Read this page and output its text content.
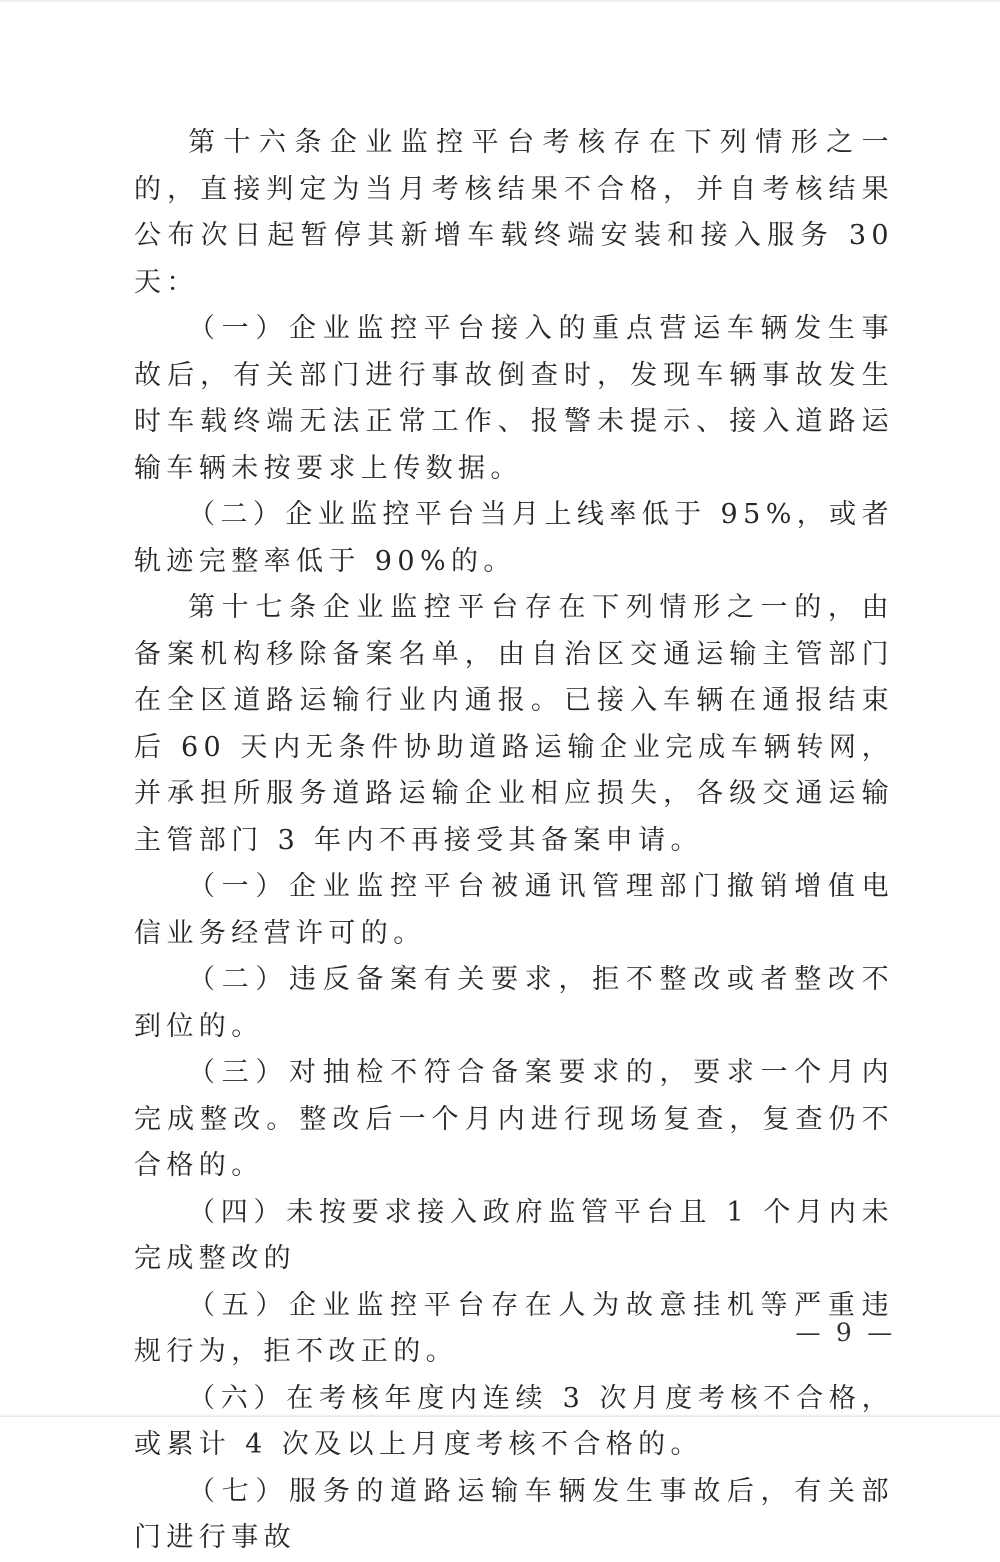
第十六条企业监控平台考核存在下列情形之一的，直接判定为当月考核结果不合格，并自考核结果公布次日起暂停其新增车载终端安装和接入服务 30 天：

（一）企业监控平台接入的重点营运车辆发生事故后，有关部门进行事故倒查时，发现车辆事故发生时车载终端无法正常工作、报警未提示、接入道路运输车辆未按要求上传数据。

（二）企业监控平台当月上线率低于 95%，或者轨迹完整率低于 90%的。

第十七条企业监控平台存在下列情形之一的，由备案机构移除备案名单，由自治区交通运输主管部门在全区道路运输行业内通报。已接入车辆在通报结束后 60 天内无条件协助道路运输企业完成车辆转网，并承担所服务道路运输企业相应损失，各级交通运输主管部门 3 年内不再接受其备案申请。

（一）企业监控平台被通讯管理部门撤销增值电信业务经营许可的。

（二）违反备案有关要求，拒不整改或者整改不到位的。

（三）对抽检不符合备案要求的，要求一个月内完成整改。整改后一个月内进行现场复查，复查仍不合格的。

（四）未按要求接入政府监管平台且 1 个月内未完成整改的

（五）企业监控平台存在人为故意挂机等严重违规行为，拒不改正的。

（六）在考核年度内连续 3 次月度考核不合格，或累计 4 次及以上月度考核不合格的。

（七）服务的道路运输车辆发生事故后，有关部门进行事故

— 9 —
